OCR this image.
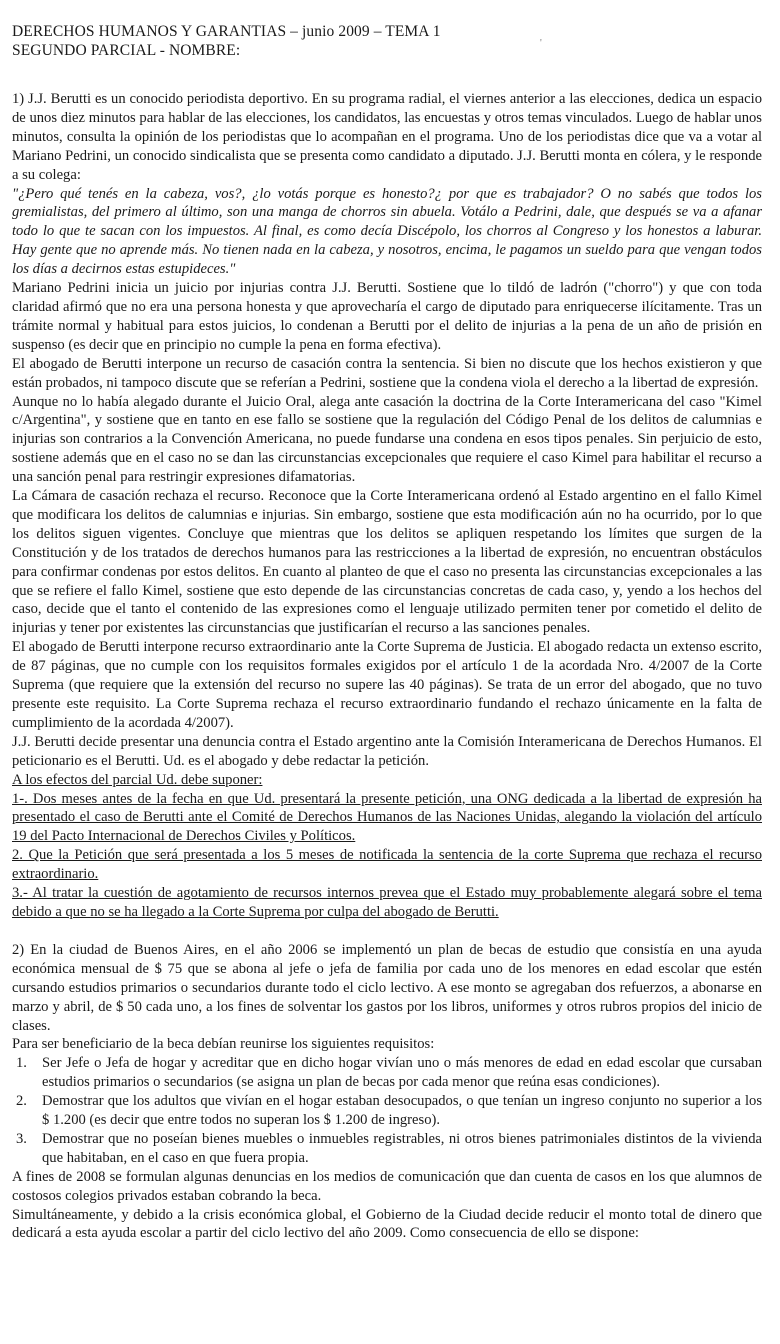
'

DERECHOS HUMANOS Y GARANTIAS – junio 2009 – TEMA 1

SEGUNDO PARCIAL - NOMBRE:

1) J.J. Berutti es un conocido periodista deportivo. En su programa radial, el viernes anterior a las elecciones, dedica un espacio de unos diez minutos para hablar de las elecciones, los candidatos, las encuestas y otros temas vinculados. Luego de hablar unos minutos, consulta la opinión de los periodistas que lo acompañan en el programa. Uno de los periodistas dice que va a votar al Mariano Pedrini, un conocido sindicalista que se presenta como candidato a diputado. J.J. Berutti monta en cólera, y le responde a su colega:

"¿Pero qué tenés en la cabeza, vos?, ¿lo votás porque es honesto?¿ por que es trabajador? O no sabés que todos los gremialistas, del primero al último, son una manga de chorros sin abuela. Votálo a Pedrini, dale, que después se va a afanar todo lo que te sacan con los impuestos. Al final, es como decía Discépolo, los chorros al Congreso y los honestos a laburar. Hay gente que no aprende más. No tienen nada en la cabeza, y nosotros, encima, le pagamos un sueldo para que vengan todos los días a decirnos estas estupideces."

Mariano Pedrini inicia un juicio por injurias contra J.J. Berutti. Sostiene que lo tildó de ladrón ("chorro") y que con toda claridad afirmó que no era una persona honesta y que aprovecharía el cargo de diputado para enriquecerse ilícitamente. Tras un trámite normal y habitual para estos juicios, lo condenan a Berutti por el delito de injurias a la pena de un año de prisión en suspenso (es decir que en principio no cumple la pena en forma efectiva).

El abogado de Berutti interpone un recurso de casación contra la sentencia. Si bien no discute que los hechos existieron y que están probados, ni tampoco discute que se referían a Pedrini, sostiene que la condena viola el derecho a la libertad de expresión.

Aunque no lo había alegado durante el Juicio Oral, alega ante casación la doctrina de la Corte Interamericana del caso "Kimel c/Argentina", y sostiene que en tanto en ese fallo se sostiene que la regulación del Código Penal de los delitos de calumnias e injurias son contrarios a la Convención Americana, no puede fundarse una condena en esos tipos penales. Sin perjuicio de esto, sostiene además que en el caso no se dan las circunstancias excepcionales que requiere el caso Kimel para habilitar el recurso a una sanción penal para restringir expresiones difamatorias.

La Cámara de casación rechaza el recurso. Reconoce que la Corte Interamericana ordenó al Estado argentino en el fallo Kimel que modificara los delitos de calumnias e injurias. Sin embargo, sostiene que esta modificación aún no ha ocurrido, por lo que los delitos siguen vigentes. Concluye que mientras que los delitos se apliquen respetando los límites que surgen de la Constitución y de los tratados de derechos humanos para las restricciones a la libertad de expresión, no encuentran obstáculos para confirmar condenas por estos delitos. En cuanto al planteo de que el caso no presenta las circunstancias excepcionales a las que se refiere el fallo Kimel, sostiene que esto depende de las circunstancias concretas de cada caso, y, yendo a los hechos del caso, decide que el tanto el contenido de las expresiones como el lenguaje utilizado permiten tener por cometido el delito de injurias y tener por existentes las circunstancias que justificarían el recurso a las sanciones penales.

El abogado de Berutti interpone recurso extraordinario ante la Corte Suprema de Justicia. El abogado redacta un extenso escrito, de 87 páginas, que no cumple con los requisitos formales exigidos por el artículo 1 de la acordada Nro. 4/2007 de la Corte Suprema (que requiere que la extensión del recurso no supere las 40 páginas). Se trata de un error del abogado, que no tuvo presente este requisito. La Corte Suprema rechaza el recurso extraordinario fundando el rechazo únicamente en la falta de cumplimiento de la acordada 4/2007).

J.J. Berutti decide presentar una denuncia contra el Estado argentino ante la Comisión Interamericana de Derechos Humanos. El peticionario es el Berutti. Ud. es el abogado y debe redactar la petición.

A los efectos del parcial Ud. debe suponer:

1-. Dos meses antes de la fecha en que Ud. presentará la presente petición, una ONG dedicada a la libertad de expresión ha presentado el caso de Berutti ante el Comité de Derechos Humanos de las Naciones Unidas, alegando la violación del artículo 19 del Pacto Internacional de Derechos Civiles y Políticos.

2. Que la Petición que será presentada a los 5 meses de notificada la sentencia de la corte Suprema que rechaza el recurso extraordinario.

3.- Al tratar la cuestión de agotamiento de recursos internos prevea que el Estado muy probablemente alegará sobre el tema debido a que no se ha llegado a la Corte Suprema por culpa del abogado de Berutti.

2) En la ciudad de Buenos Aires, en el año 2006 se implementó un plan de becas de estudio que consistía en una ayuda económica mensual de $ 75 que se abona al jefe o jefa de familia por cada uno de los menores en edad escolar que estén cursando estudios primarios o secundarios durante todo el ciclo lectivo. A ese monto se agregaban dos refuerzos, a abonarse en marzo y abril, de $ 50 cada uno, a los fines de solventar los gastos por los libros, uniformes y otros rubros propios del inicio de clases.

Para ser beneficiario de la beca debían reunirse los siguientes requisitos:

1. Ser Jefe o Jefa de hogar y acreditar que en dicho hogar vivían uno o más menores de edad en edad escolar que cursaban estudios primarios o secundarios (se asigna un plan de becas por cada menor que reúna esas condiciones).
2. Demostrar que los adultos que vivían en el hogar estaban desocupados, o que tenían un ingreso conjunto no superior a los $ 1.200 (es decir que entre todos no superan los $ 1.200 de ingreso).
3. Demostrar que no poseían bienes muebles o inmuebles registrables, ni otros bienes patrimoniales distintos de la vivienda que habitaban, en el caso en que fuera propia.

A fines de 2008 se formulan algunas denuncias en los medios de comunicación que dan cuenta de casos en los que alumnos de costosos colegios privados estaban cobrando la beca.

Simultáneamente, y debido a la crisis económica global, el Gobierno de la Ciudad decide reducir el monto total de dinero que dedicará a esta ayuda escolar a partir del ciclo lectivo del año 2009. Como consecuencia de ello se dispone:
